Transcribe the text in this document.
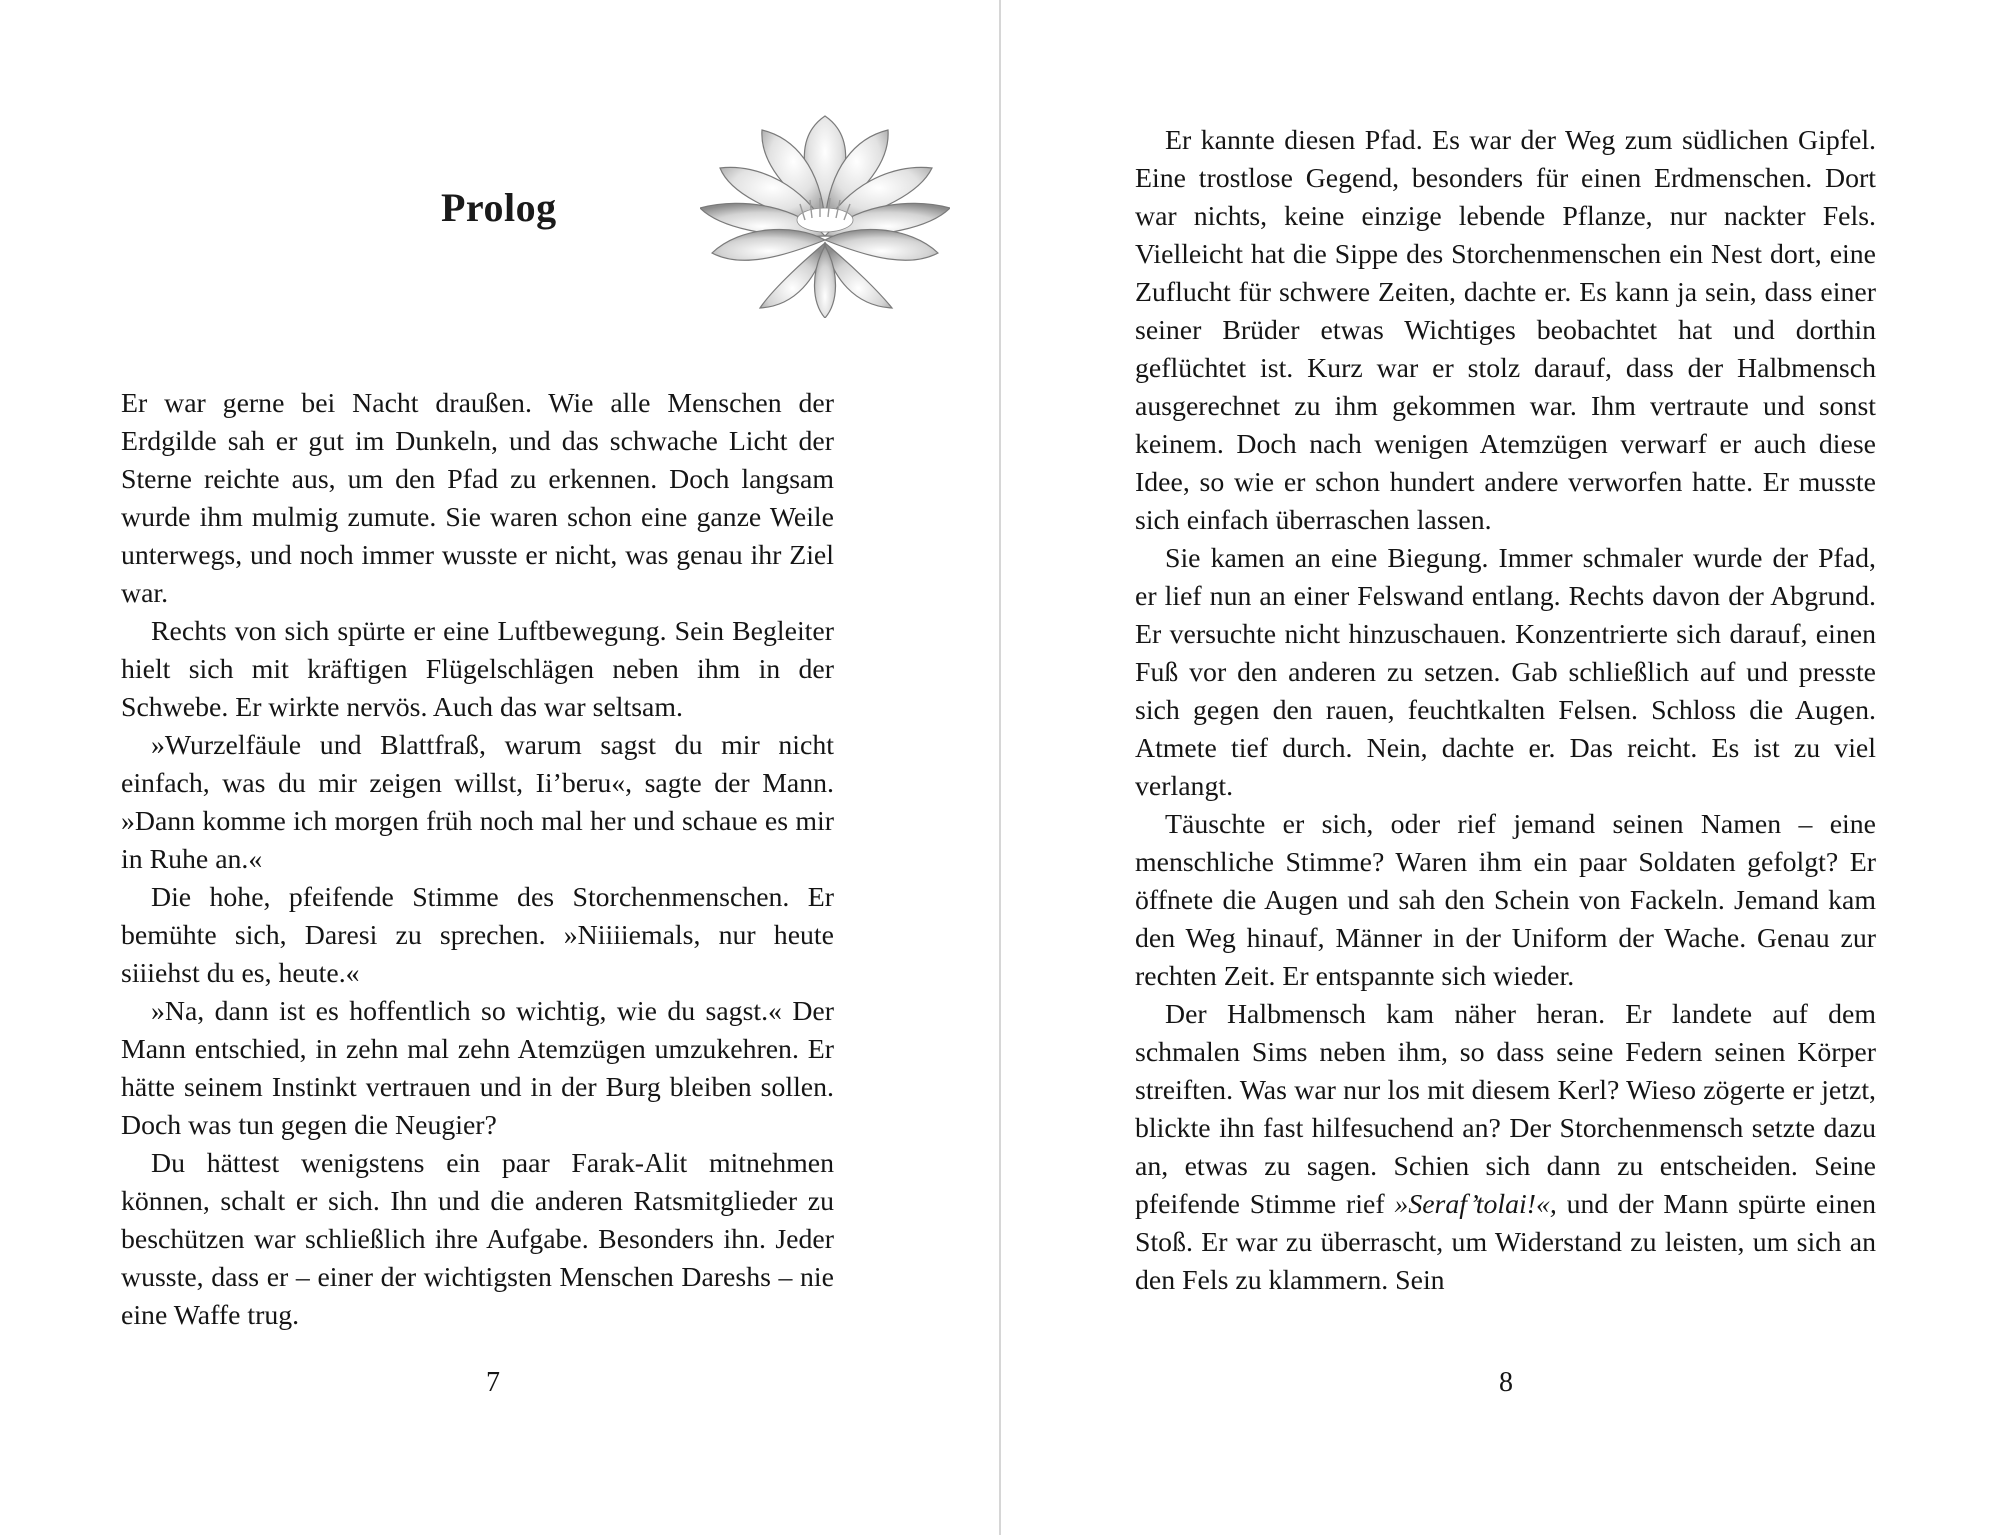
Prolog

Er war gerne bei Nacht draußen. Wie alle Menschen der Erdgilde sah er gut im Dunkeln, und das schwache Licht der Sterne reichte aus, um den Pfad zu erkennen. Doch langsam wurde ihm mulmig zumute. Sie waren schon eine ganze Weile unterwegs, und noch immer wusste er nicht, was genau ihr Ziel war.

Rechts von sich spürte er eine Luftbewegung. Sein Begleiter hielt sich mit kräftigen Flügelschlägen neben ihm in der Schwebe. Er wirkte nervös. Auch das war seltsam.

»Wurzelfäule und Blattfraß, warum sagst du mir nicht einfach, was du mir zeigen willst, Ii’beru«, sagte der Mann. »Dann komme ich morgen früh noch mal her und schaue es mir in Ruhe an.«

Die hohe, pfeifende Stimme des Storchenmenschen. Er bemühte sich, Daresi zu sprechen. »Niiiiemals, nur heute siiiehst du es, heute.«

»Na, dann ist es hoffentlich so wichtig, wie du sagst.« Der Mann entschied, in zehn mal zehn Atemzügen umzukehren. Er hätte seinem Instinkt vertrauen und in der Burg bleiben sollen. Doch was tun gegen die Neugier?

Du hättest wenigstens ein paar Farak-Alit mitnehmen können, schalt er sich. Ihn und die anderen Ratsmitglieder zu beschützen war schließlich ihre Aufgabe. Besonders ihn. Jeder wusste, dass er – einer der wichtigsten Menschen Dareshs – nie eine Waffe trug.

7

Er kannte diesen Pfad. Es war der Weg zum südlichen Gipfel. Eine trostlose Gegend, besonders für einen Erdmenschen. Dort war nichts, keine einzige lebende Pflanze, nur nackter Fels. Vielleicht hat die Sippe des Storchenmenschen ein Nest dort, eine Zuflucht für schwere Zeiten, dachte er. Es kann ja sein, dass einer seiner Brüder etwas Wichtiges beobachtet hat und dorthin geflüchtet ist. Kurz war er stolz darauf, dass der Halbmensch ausgerechnet zu ihm gekommen war. Ihm vertraute und sonst keinem. Doch nach wenigen Atemzügen verwarf er auch diese Idee, so wie er schon hundert andere verworfen hatte. Er musste sich einfach überraschen lassen.

Sie kamen an eine Biegung. Immer schmaler wurde der Pfad, er lief nun an einer Felswand entlang. Rechts davon der Abgrund. Er versuchte nicht hinzuschauen. Konzentrierte sich darauf, einen Fuß vor den anderen zu setzen. Gab schließlich auf und presste sich gegen den rauen, feuchtkalten Felsen. Schloss die Augen. Atmete tief durch. Nein, dachte er. Das reicht. Es ist zu viel verlangt.

Täuschte er sich, oder rief jemand seinen Namen – eine menschliche Stimme? Waren ihm ein paar Soldaten gefolgt? Er öffnete die Augen und sah den Schein von Fackeln. Jemand kam den Weg hinauf, Männer in der Uniform der Wache. Genau zur rechten Zeit. Er entspannte sich wieder.

Der Halbmensch kam näher heran. Er landete auf dem schmalen Sims neben ihm, so dass seine Federn seinen Körper streiften. Was war nur los mit diesem Kerl? Wieso zögerte er jetzt, blickte ihn fast hilfesuchend an? Der Storchenmensch setzte dazu an, etwas zu sagen. Schien sich dann zu entscheiden. Seine pfeifende Stimme rief »Seraf’tolai!«, und der Mann spürte einen Stoß. Er war zu überrascht, um Widerstand zu leisten, um sich an den Fels zu klammern. Sein

8
